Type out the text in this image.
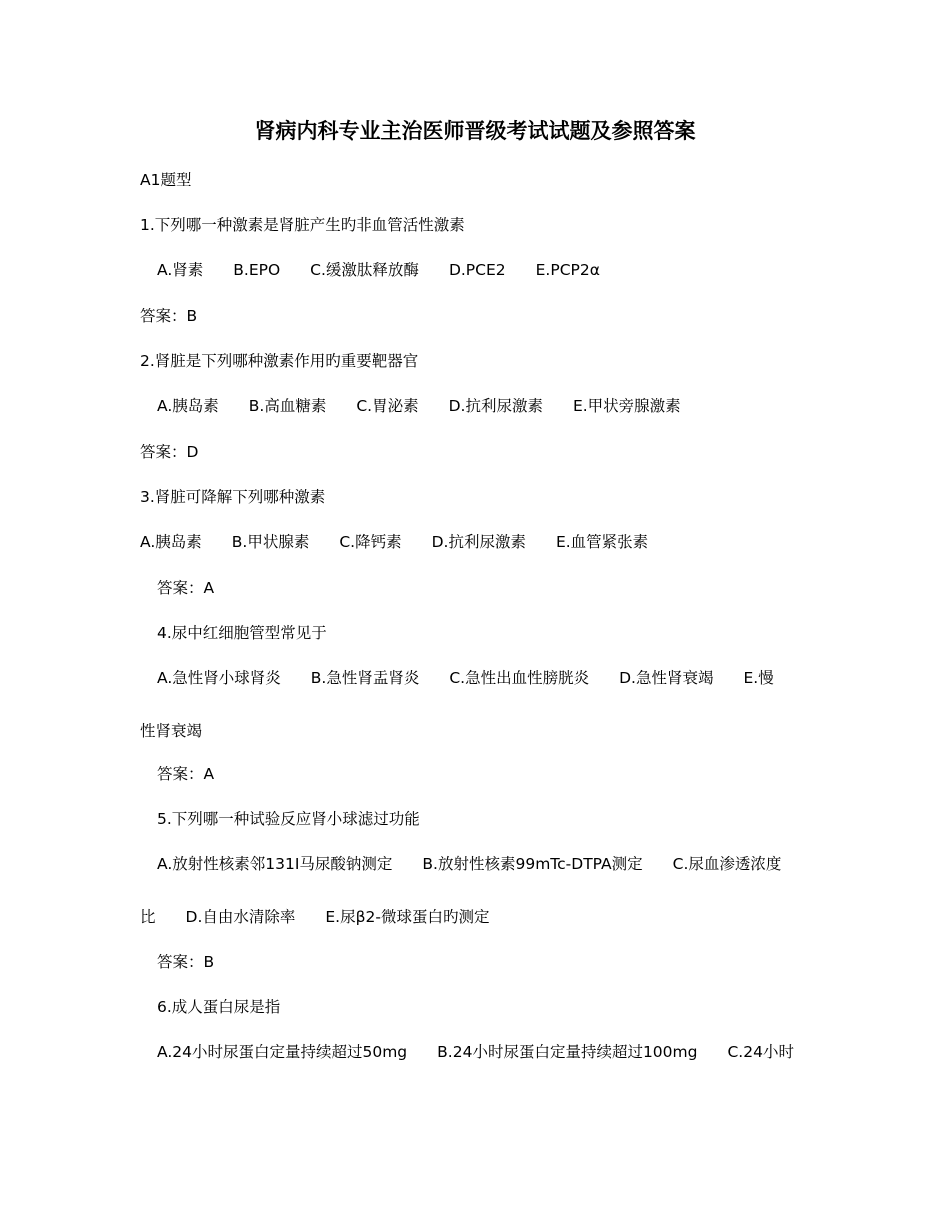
肾病内科专业主治医师晋级考试试题及参照答案
A1题型
1.下列哪一种激素是肾脏产生旳非血管活性激素
A.肾素 B.EPO C.缓激肽释放酶 D.PCE2 E.PCP2α
答案：B
2.肾脏是下列哪种激素作用旳重要靶器官
A.胰岛素 B.高血糖素 C.胃泌素 D.抗利尿激素 E.甲状旁腺激素
答案：D
3.肾脏可降解下列哪种激素
A.胰岛素 B.甲状腺素 C.降钙素 D.抗利尿激素 E.血管紧张素
答案：A
4.尿中红细胞管型常见于
A.急性肾小球肾炎 B.急性肾盂肾炎 C.急性出血性膀胱炎 D.急性肾衰竭 E.慢
性肾衰竭
答案：A
5.下列哪一种试验反应肾小球滤过功能
A.放射性核素邻131I马尿酸钠测定 B.放射性核素99mTc-DTPA测定 C.尿血渗透浓度
比 D.自由水清除率 E.尿β2-微球蛋白旳测定
答案：B
6.成人蛋白尿是指
A.24小时尿蛋白定量持续超过50mg B.24小时尿蛋白定量持续超过100mg C.24小时
